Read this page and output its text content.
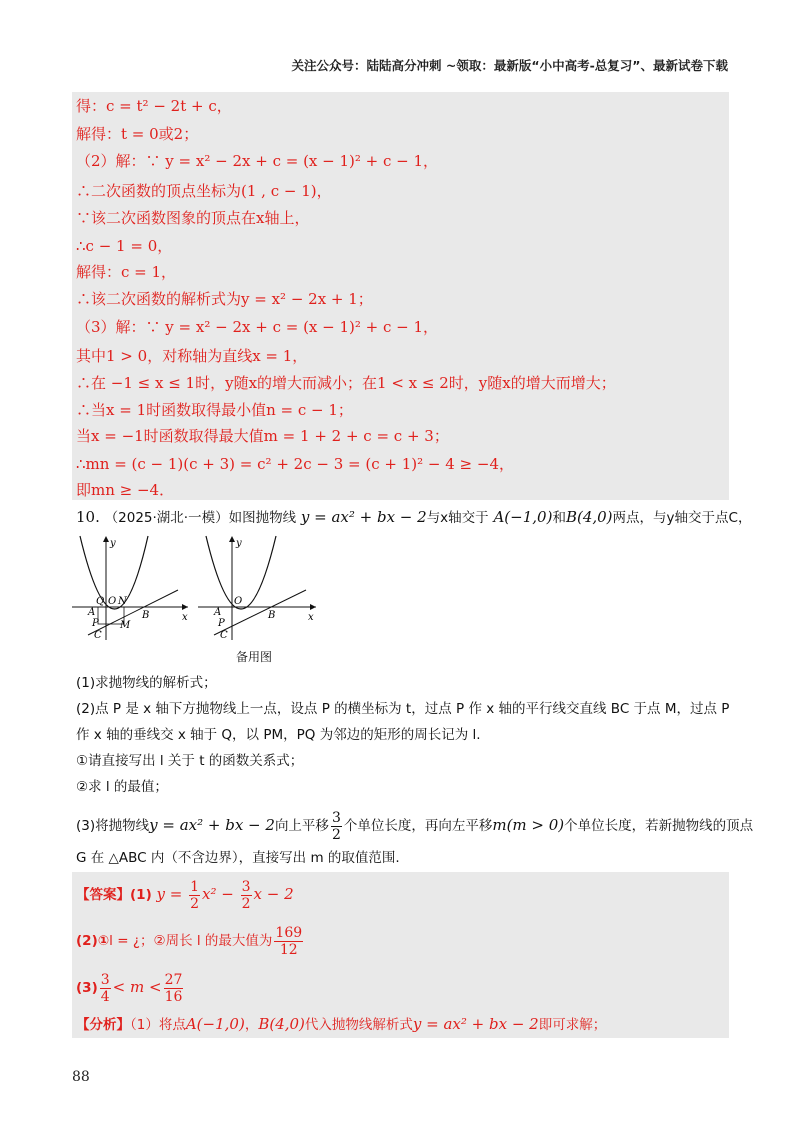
关注公众号：陆陆高分冲刺 ~领取：最新版“小中高考-总复习”、最新试卷下载
得：c = t² − 2t + c，
解得：t = 0或2；
（2）解：∵ y = x² − 2x + c = (x − 1)² + c − 1，
∴二次函数的顶点坐标为(1 , c − 1)，
∵该二次函数图象的顶点在x轴上，
∴c − 1 = 0，
解得：c = 1，
∴该二次函数的解析式为y = x² − 2x + 1；
（3）解：∵ y = x² − 2x + c = (x − 1)² + c − 1，
其中1 > 0，对称轴为直线x = 1，
∴在 −1 ≤ x ≤ 1时，y随x的增大而减小；在1 < x ≤ 2时，y随x的增大而增大；
∴当x = 1时函数取得最小值n = c − 1；
当x = −1时函数取得最大值m = 1 + 2 + c = c + 3；
∴mn = (c − 1)(c + 3) = c² + 2c − 3 = (c + 1)² − 4 ≥ −4，
即mn ≥ −4．
10. （2025·湖北·一模）如图抛物线 y = ax² + bx − 2与x轴交于 A(−1,0)和B(4,0)两点，与y轴交于点C，
y
x
O N
Q
A	B
P
C
M
y
x
O
A	B
P
C
备用图
(1)求抛物线的解析式；
(2)点 P 是 x 轴下方抛物线上一点，设点 P 的横坐标为 t，过点 P 作 x 轴的平行线交直线 BC 于点 M，过点 P
作 x 轴的垂线交 x 轴于 Q，以 PM，PQ 为邻边的矩形的周长记为 l.
①请直接写出 l 关于 t 的函数关系式；
②求 l 的最值；
(3)将抛物线y = ax² + bx − 2向上平移 $\frac{3}{2}$ 个单位长度，再向左平移m(m > 0)个单位长度，若新抛物线的顶点
G 在 △ABC 内（不含边界），直接写出 m 的取值范围.
【答案】(1) $y = \frac{1}{2} x^2 - \frac{3}{2}$ x − 2
(2)①l = ¿；②周长 l 的最大值为 $\frac{169}{12}$
$(3) \frac{3}{4} < m < \frac{27}{16}$
【分析】（1）将点A(−1,0)，B(4,0)代入抛物线解析式y = ax² + bx − 2即可求解；
88
